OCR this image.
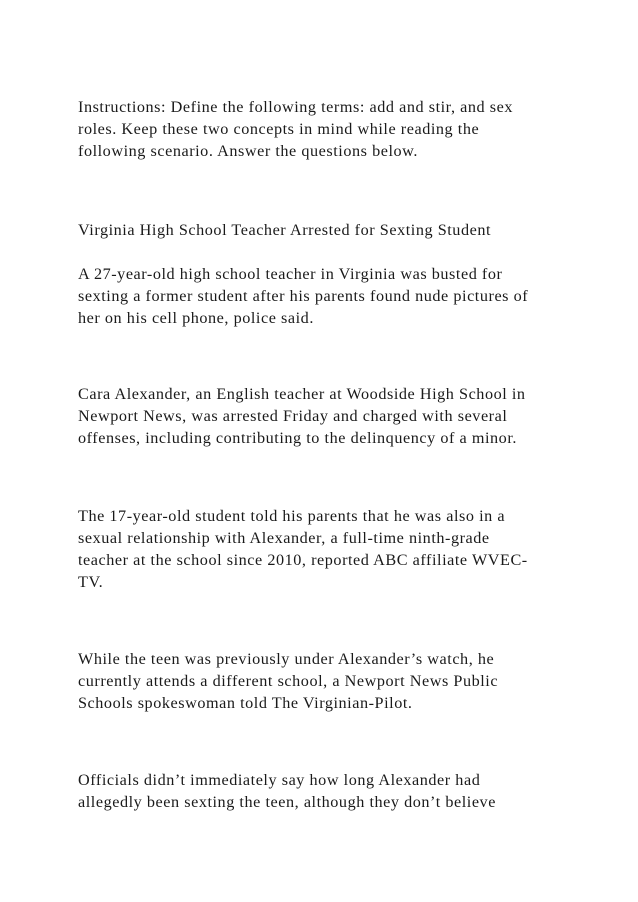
Instructions: Define the following terms: add and stir, and sex
roles. Keep these two concepts in mind while reading the
following scenario. Answer the questions below.

Virginia High School Teacher Arrested for Sexting Student

A 27-year-old high school teacher in Virginia was busted for
sexting a former student after his parents found nude pictures of
her on his cell phone, police said.

Cara Alexander, an English teacher at Woodside High School in
Newport News, was arrested Friday and charged with several
offenses, including contributing to the delinquency of a minor.

The 17-year-old student told his parents that he was also in a
sexual relationship with Alexander, a full-time ninth-grade
teacher at the school since 2010, reported ABC affiliate WVEC-
TV.

While the teen was previously under Alexander’s watch, he
currently attends a different school, a Newport News Public
Schools spokeswoman told The Virginian-Pilot.

Officials didn’t immediately say how long Alexander had
allegedly been sexting the teen, although they don’t believe
